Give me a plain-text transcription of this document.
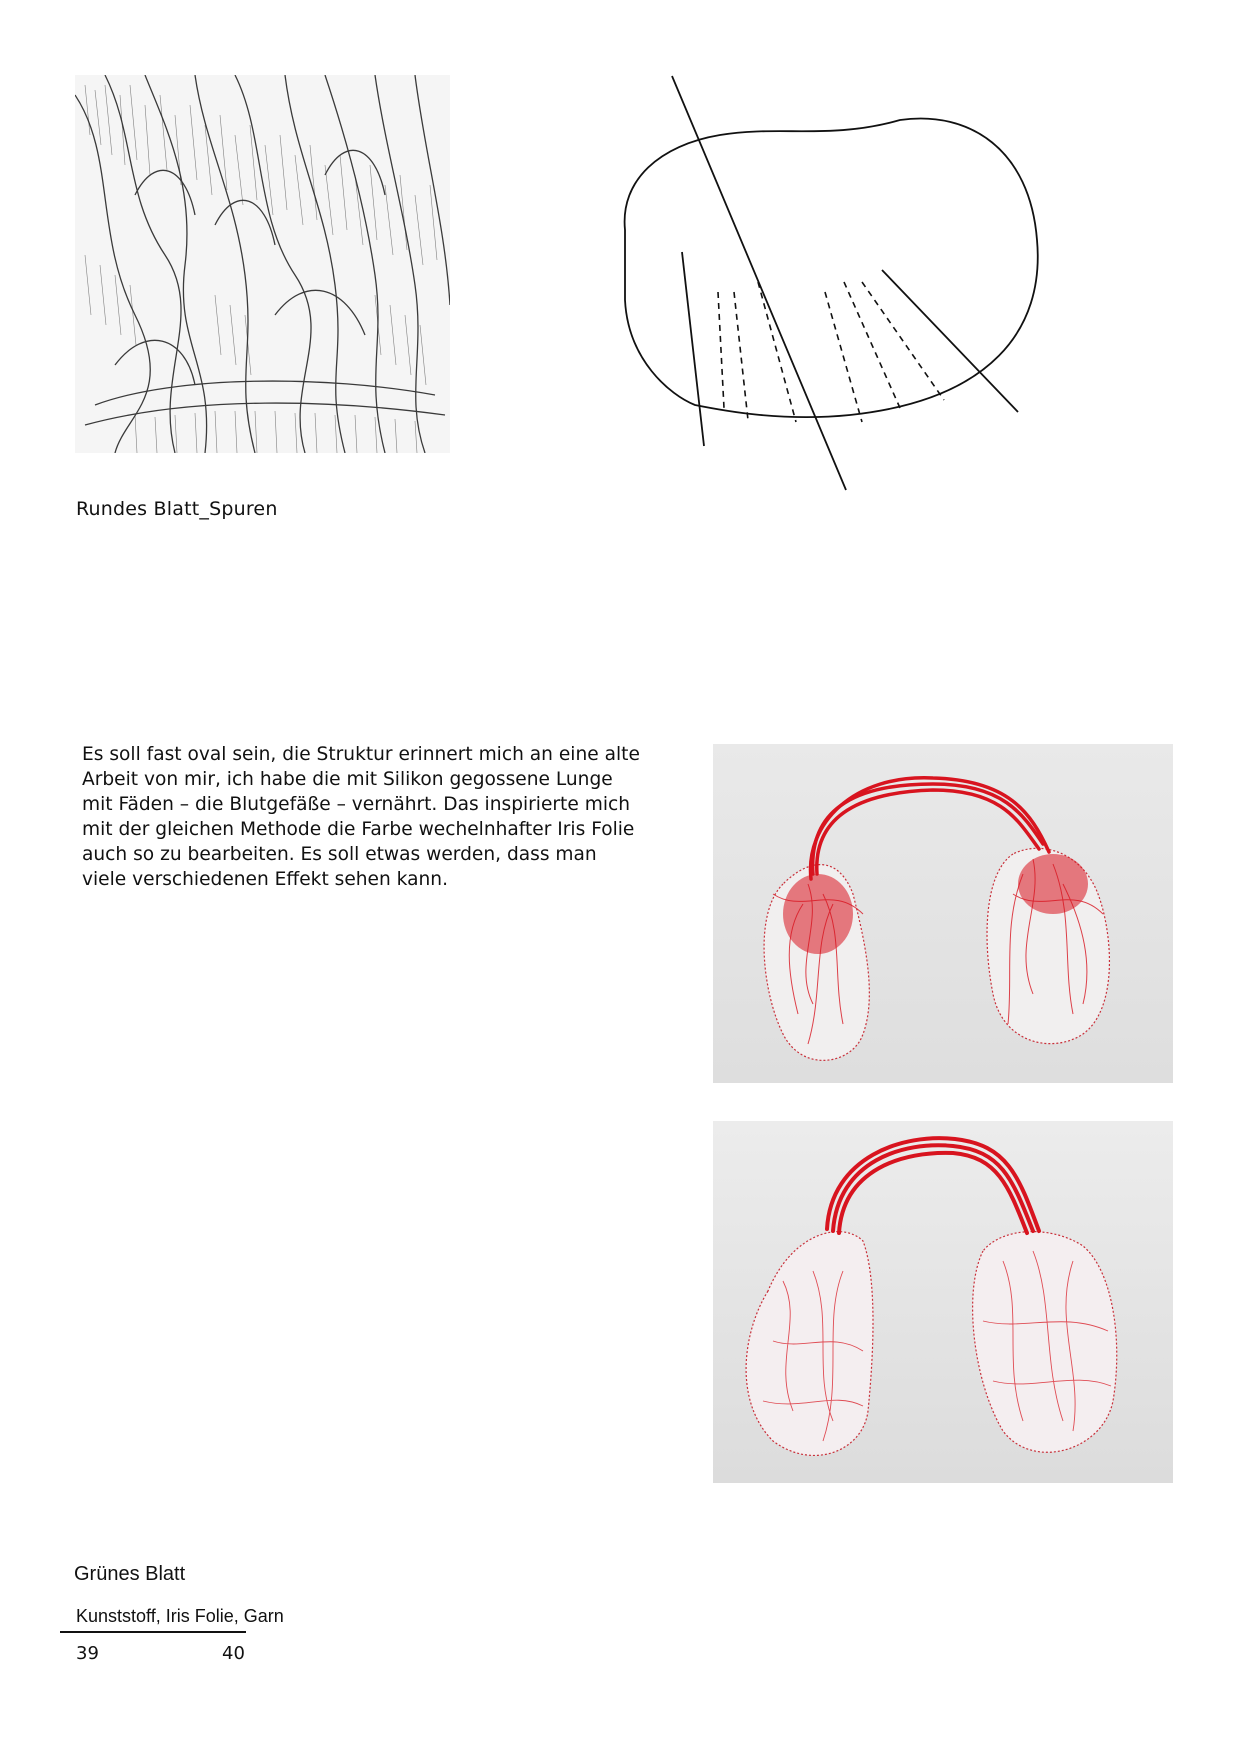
Rundes Blatt_Spuren
Es soll fast oval sein, die Struktur erinnert mich an eine alte
Arbeit von mir, ich habe die mit Silikon gegossene Lunge
mit Fäden – die Blutgefäße – vernährt. Das inspirierte mich
mit der gleichen Methode die Farbe wechelnhafter Iris Folie
auch so zu bearbeiten. Es soll etwas werden, dass man
viele verschiedenen Effekt sehen kann.
Grünes Blatt
Kunststoff, Iris Folie, Garn
39	40
